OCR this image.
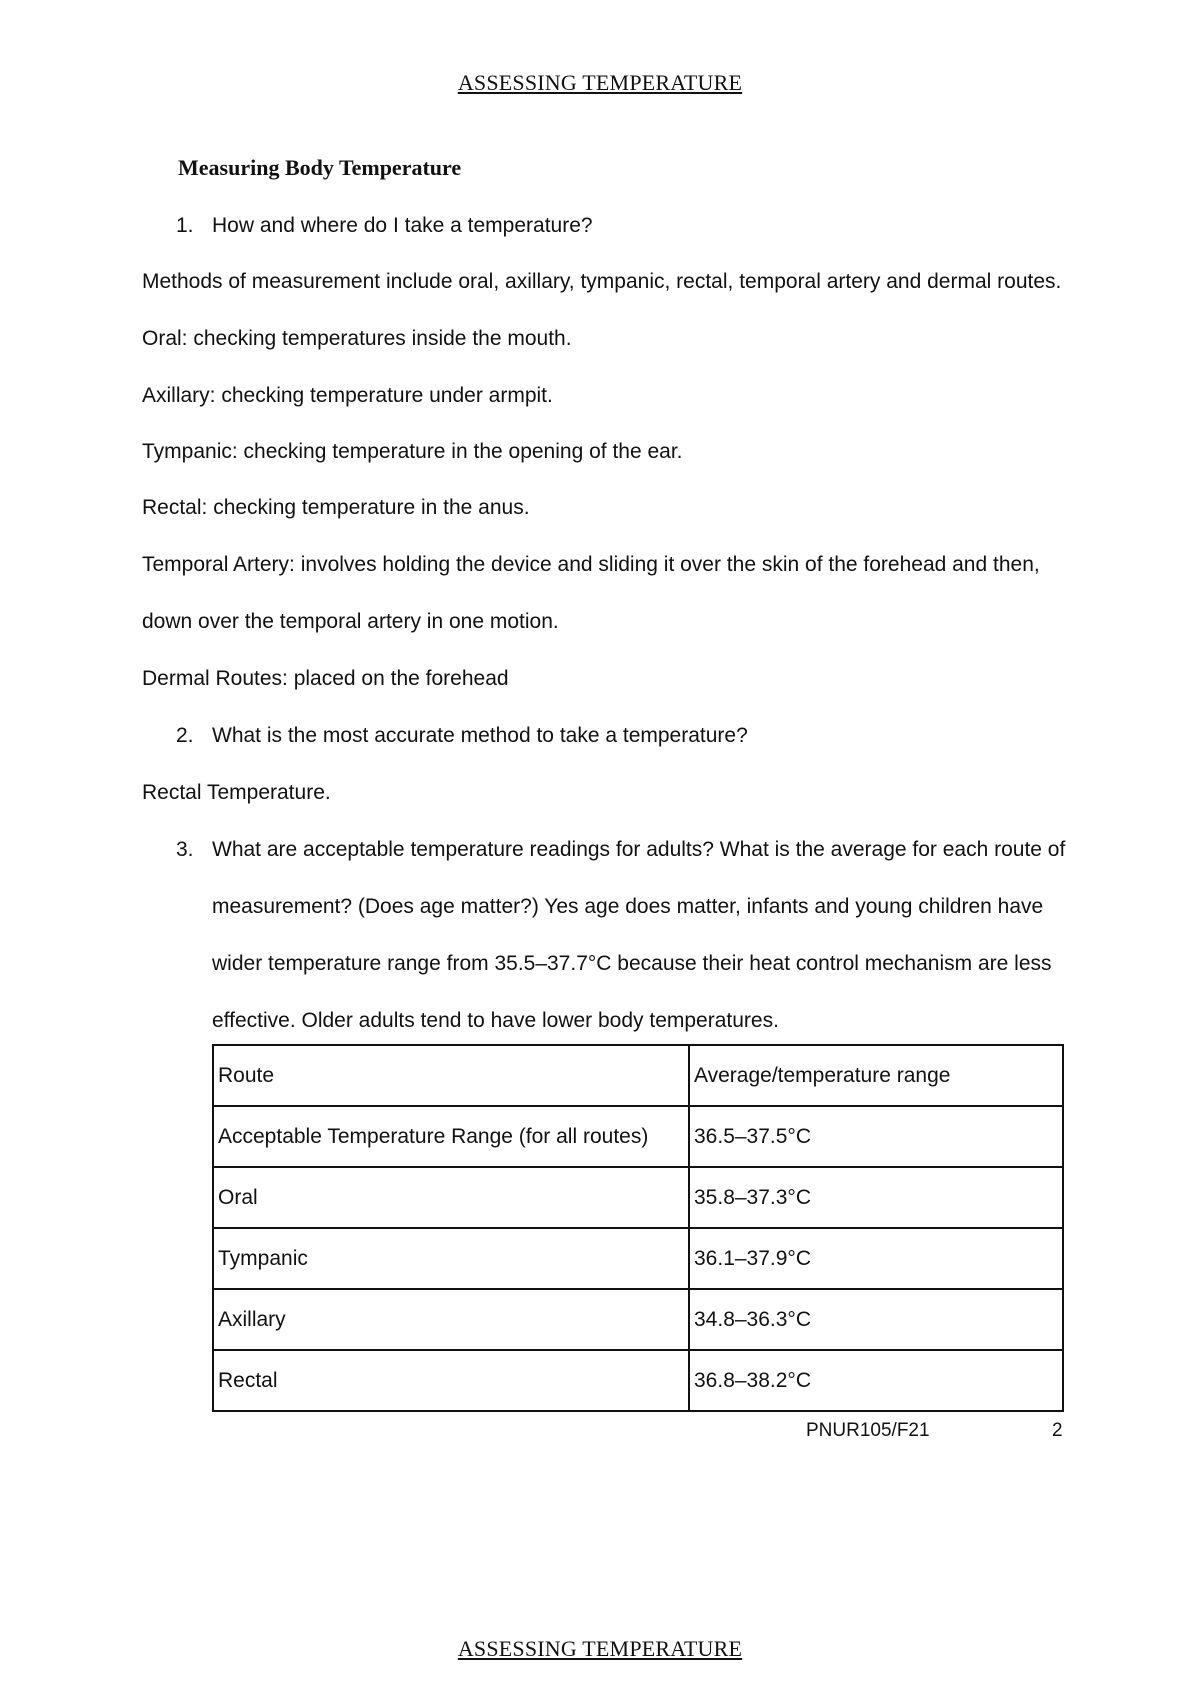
ASSESSING TEMPERATURE
Measuring Body Temperature
1. How and where do I take a temperature?
Methods of measurement include oral, axillary, tympanic, rectal, temporal artery and dermal routes.
Oral: checking temperatures inside the mouth.
Axillary: checking temperature under armpit.
Tympanic: checking temperature in the opening of the ear.
Rectal: checking temperature in the anus.
Temporal Artery: involves holding the device and sliding it over the skin of the forehead and then,
down over the temporal artery in one motion.
Dermal Routes: placed on the forehead
2. What is the most accurate method to take a temperature?
Rectal Temperature.
3. What are acceptable temperature readings for adults? What is the average for each route of
measurement? (Does age matter?) Yes age does matter, infants and young children have
wider temperature range from 35.5–37.7°C because their heat control mechanism are less
effective. Older adults tend to have lower body temperatures.
Route	Average/temperature range
Acceptable Temperature Range (for all routes)	36.5–37.5°C
Oral	35.8–37.3°C
Tympanic	36.1–37.9°C
Axillary	34.8–36.3°C
Rectal	36.8–38.2°C
PNUR105/F21	2
ASSESSING TEMPERATURE
